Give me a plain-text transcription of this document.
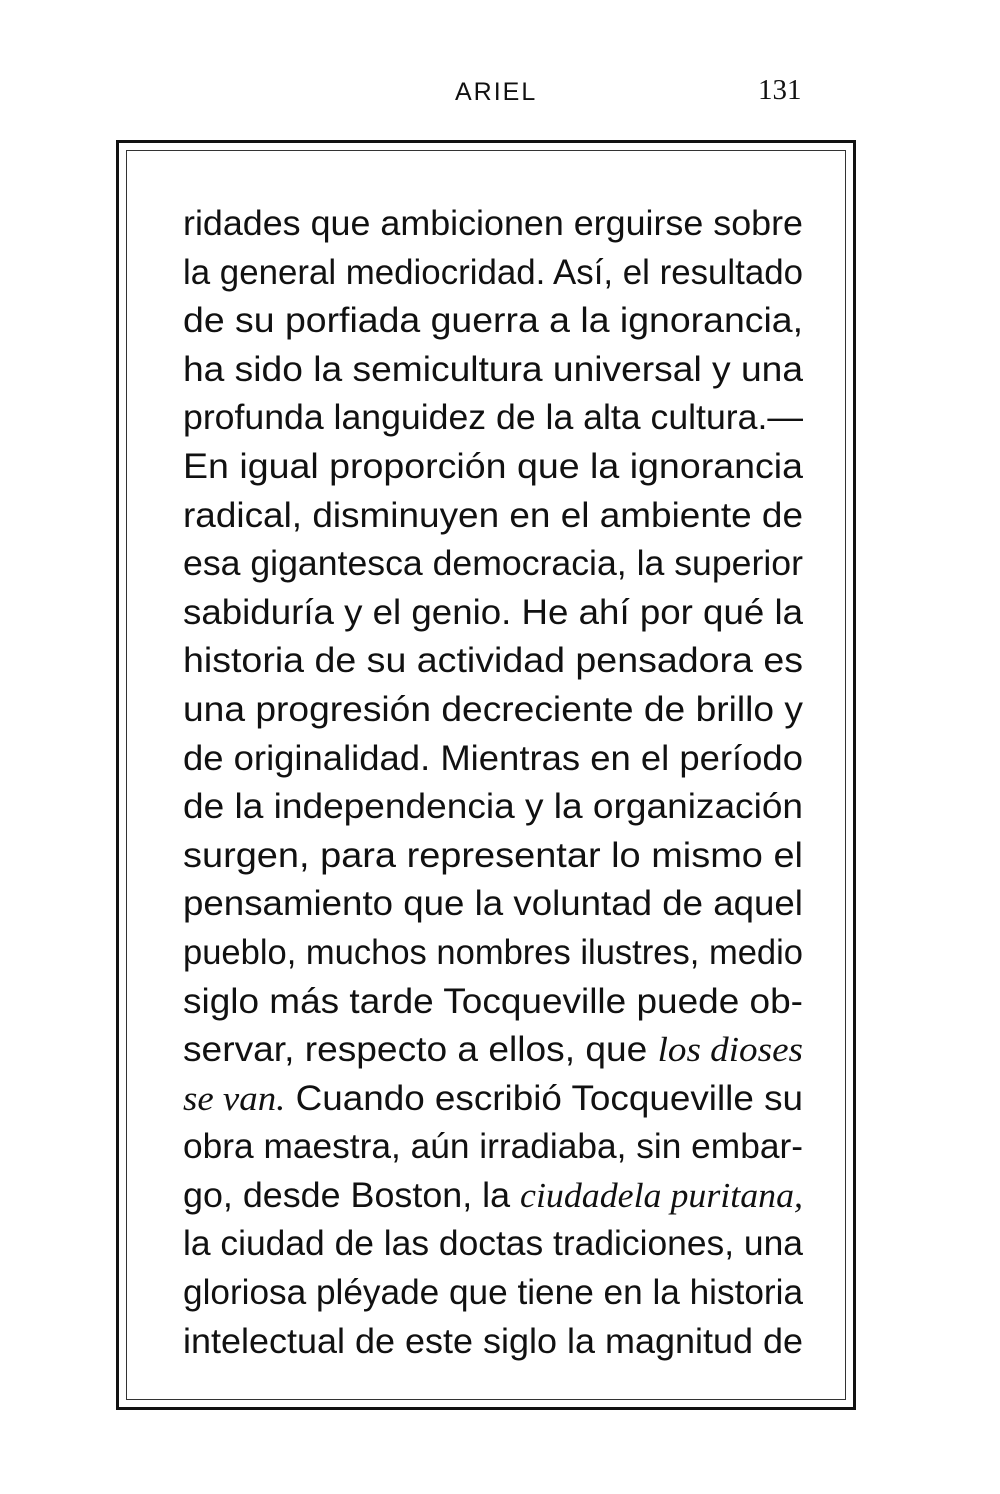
ARIEL	131
ridades que ambicionen erguirse sobre
la general mediocridad. Así, el resultado
de su porfiada guerra a la ignorancia,
ha sido la semicultura universal y una
profunda languidez de la alta cultura.—
En igual proporción que la ignorancia
radical, disminuyen en el ambiente de
esa gigantesca democracia, la superior
sabiduría y el genio. He ahí por qué la
historia de su actividad pensadora es
una progresión decreciente de brillo y
de originalidad. Mientras en el período
de la independencia y la organización
surgen, para representar lo mismo el
pensamiento que la voluntad de aquel
pueblo, muchos nombres ilustres, medio
siglo más tarde Tocqueville puede ob-
servar, respecto a ellos, que los dioses
se van. Cuando escribió Tocqueville su
obra maestra, aún irradiaba, sin embar-
go, desde Boston, la ciudadela puritana,
la ciudad de las doctas tradiciones, una
gloriosa pléyade que tiene en la historia
intelectual de este siglo la magnitud de
